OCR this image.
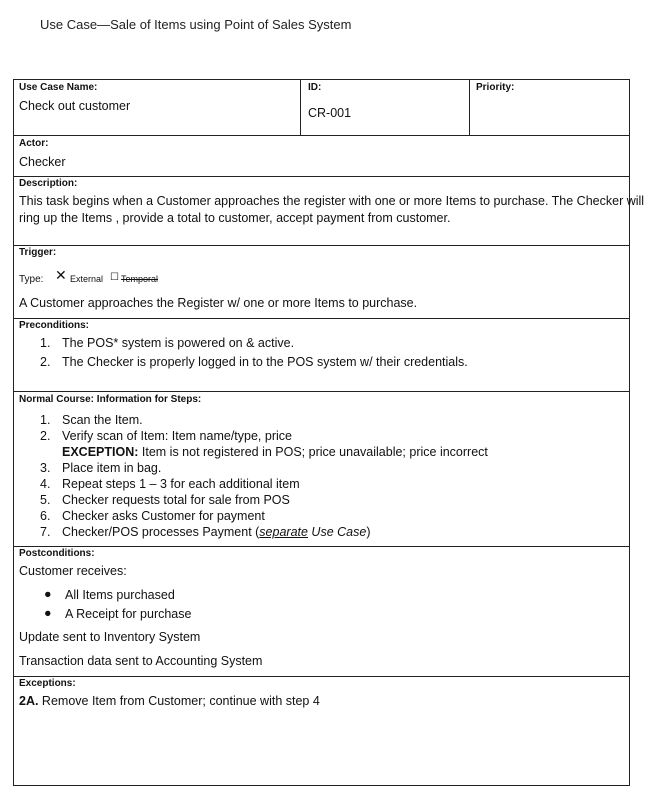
Use Case—Sale of Items using Point of Sales System
Use Case Name:
Check out customer
ID:
CR-001
Priority:
Actor:
Checker
Description:
This task begins when a Customer approaches the register with one or more Items to purchase. The Checker will
ring up the Items , provide a total to customer, accept payment from customer.
Trigger:
Type: ✕ External ☐ Temporal
A Customer approaches the Register w/ one or more Items to purchase.
Preconditions:
1. The POS* system is powered on & active.
2. The Checker is properly logged in to the POS system w/ their credentials.
Normal Course: Information for Steps:
1. Scan the Item.
2. Verify scan of Item: Item name/type, price
EXCEPTION: Item is not registered in POS; price unavailable; price incorrect
3. Place item in bag.
4. Repeat steps 1 – 3 for each additional item
5. Checker requests total for sale from POS
6. Checker asks Customer for payment
7. Checker/POS processes Payment (separate Use Case)
Postconditions:
Customer receives:
● All Items purchased
● A Receipt for purchase
Update sent to Inventory System
Transaction data sent to Accounting System
Exceptions:
2A. Remove Item from Customer; continue with step 4
